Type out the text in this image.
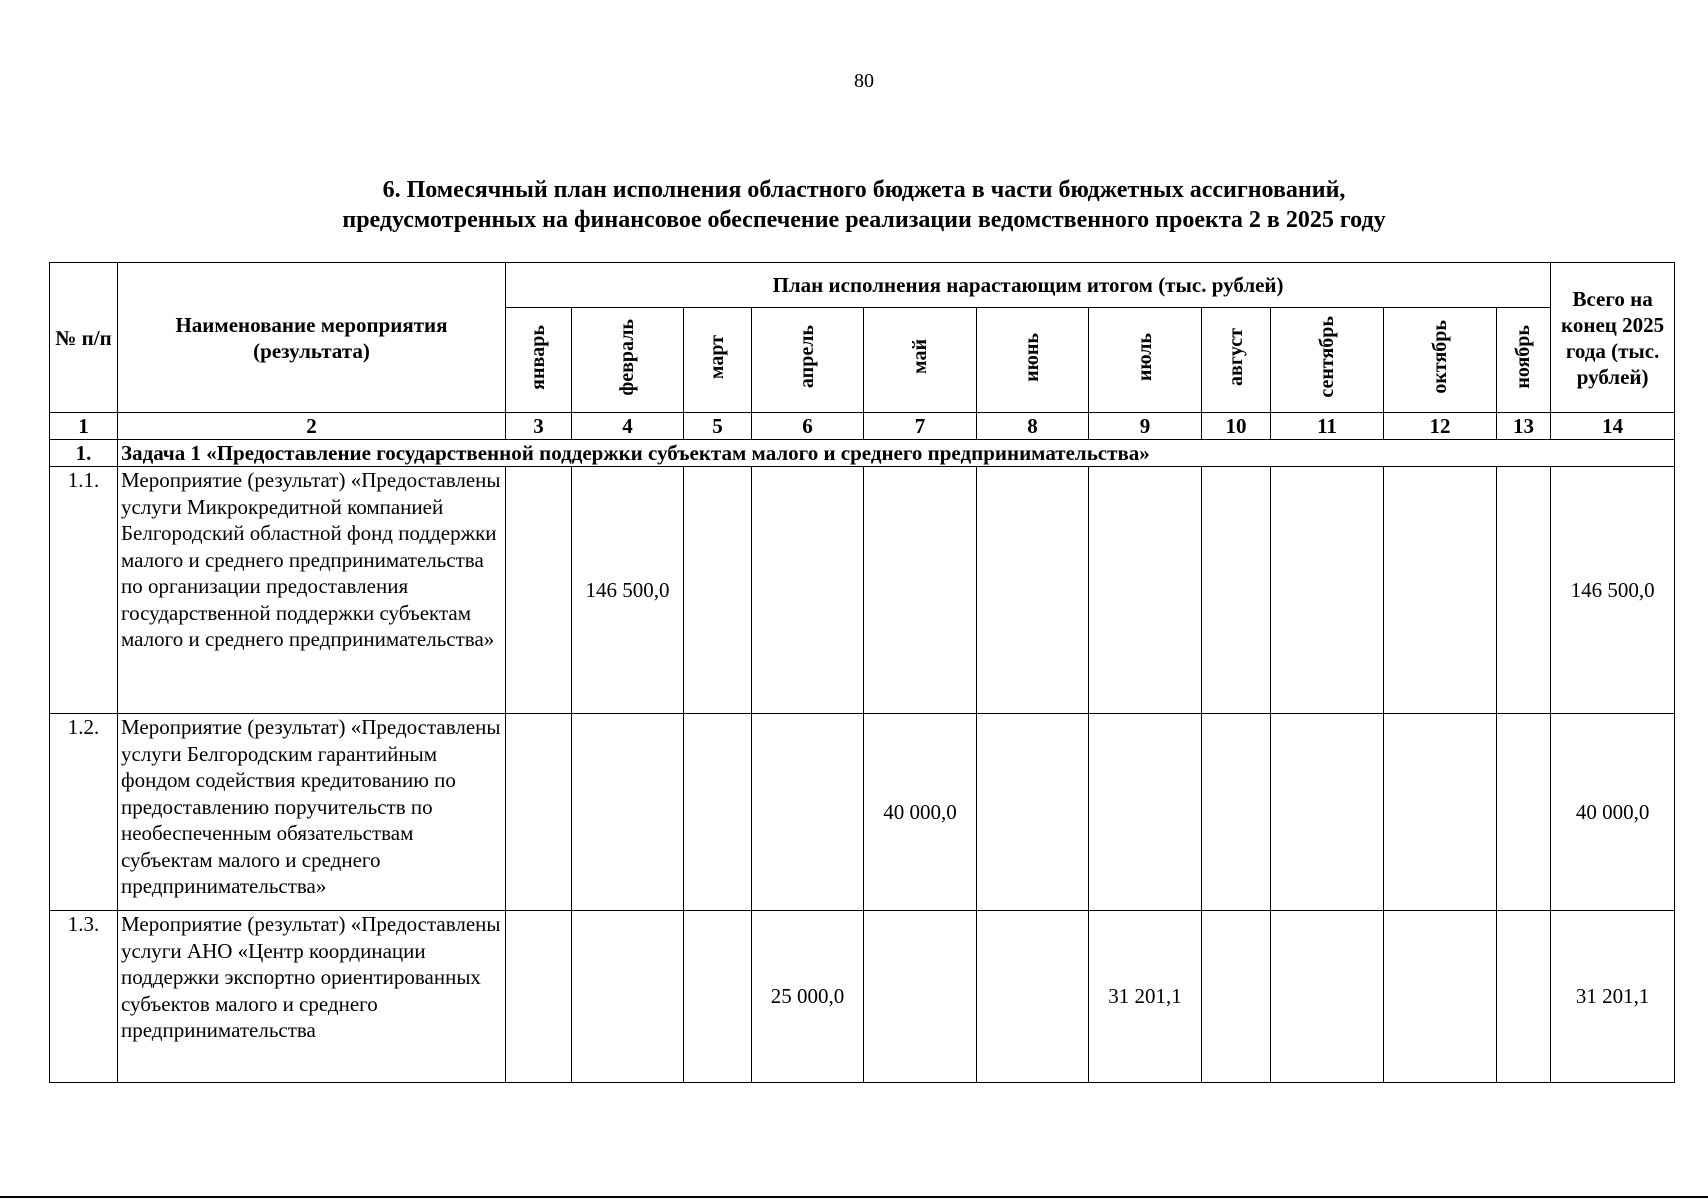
80
6. Помесячный план исполнения областного бюджета в части бюджетных ассигнований,
предусмотренных на финансовое обеспечение реализации ведомственного проекта 2 в 2025 году
№ п/п	Наименование мероприятия (результата)	План исполнения нарастающим итогом (тыс. рублей)											Всего на конец 2025 года (тыс. рублей)
		январь	февраль	март	апрель	май	июнь	июль	август	сентябрь	октябрь	ноябрь	
1	2	3	4	5	6	7	8	9	10	11	12	13	14
1.	Задача 1 «Предоставление государственной поддержки субъектам малого и среднего предпринимательства»												
1.1.	Мероприятие (результат) «Предоставлены услуги Микрокредитной компанией Белгородский областной фонд поддержки малого и среднего предпринимательства по организации предоставления государственной поддержки субъектам малого и среднего предпринимательства»		146 500,0										146 500,0
1.2.	Мероприятие (результат) «Предоставлены услуги Белгородским гарантийным фондом содействия кредитованию по предоставлению поручительств по необеспеченным обязательствам субъектам малого и среднего предпринимательства»					40 000,0							40 000,0
1.3.	Мероприятие (результат) «Предоставлены услуги АНО «Центр координации поддержки экспортно ориентированных субъектов малого и среднего предпринимательства				25 000,0			31 201,1					31 201,1
